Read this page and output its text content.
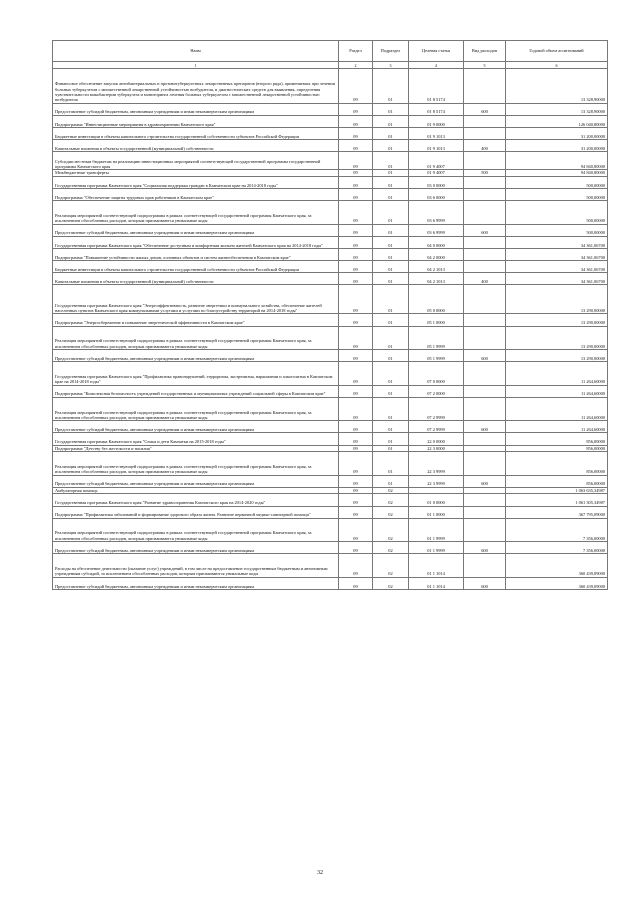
Наим	Раздел	Подраздел	Целевая статья	Вид расходов	Годовой объем ассигнований
1	2	3	4	5	6
Финансовое обеспечение закупок антибактериальных и противотуберкулезных лекарственных препаратов (второго ряда), применяемых при лечении больных туберкулезом с множественной лекарственной устойчивостью возбудителя, и диагностических средств для выявления, определения чувствительности микобактерии туберкулеза и мониторинга лечения больных туберкулезом с множественной лекарственной устойчивостью возбудителя	09	01	01 8 5174		13 328,90000
Предоставление субсидий бюджетным, автономным учреждениям и иным некоммерческим организациям	09	01	01 8 5174	600	13 328,90000
Подпрограмма "Инвестиционные мероприятия в здравоохранении Камчатского края"	09	01	01 9 0000		126 040,80000
Бюджетные инвестиции в объекты капитального строительства государственной собственности субъектов Российской Федерации	09	01	01 9 1013		31 200,00000
Капитальные вложения в объекты государственной (муниципальной) собственности	09	01	01 9 1013	400	31 200,00000
Субсидии местным бюджетам на реализацию инвестиционных мероприятий соответствующей государственной программы государственной программы Камчатского края	09	01	01 9 4007		94 840,80000
Межбюджетные трансферты	09	01	01 9 4007	500	94 840,80000
Государственная программа Камчатского края "Социальная поддержка граждан в Камчатском крае на 2014-2018 годы"	09	01	03 0 0000		500,00000
Подпрограмма "Обеспечение защиты трудовых прав работников в Камчатском крае"	09	01	03 6 0000		500,00000
Реализация мероприятий соответствующей подпрограммы в рамках соответствующей государственной программы Камчатского края, за исключением обособленных расходов, которым присваиваются уникальные коды	09	01	03 6 9999		500,00000
Предоставление субсидий бюджетным, автономным учреждениям и иным некоммерческим организациям	09	01	03 6 9999	600	500,00000
Государственная программа Камчатского края "Обеспечение доступным и комфортным жильем жителей Камчатского края на 2014-2018 годы"	09	01	04 0 0000		34 361,06700
Подпрограмма "Повышение устойчивости жилых домов, основных объектов и систем жизнеобеспечения в Камчатском крае"	09	01	04 2 0000		34 361,06700
Бюджетные инвестиции в объекты капитального строительства государственной собственности субъектов Российской Федерации	09	01	04 2 1013		34 361,06700
Капитальные вложения в объекты государственной (муниципальной) собственности	09	01	04 2 1013	400	34 361,06700
Государственная программа Камчатского края "Энергоэффективность, развитие энергетики и коммунального хозяйства, обеспечение жителей населенных пунктов Камчатского края коммунальными услугами и услугами по благоустройству территорий на 2014-2018 годы"	09	01	05 0 0000		13 290,00000
Подпрограмма "Энергосбережение и повышение энергетической эффективности в Камчатском крае"	09	01	05 1 0000		13 290,00000
Реализация мероприятий соответствующей подпрограммы в рамках соответствующей государственной программы Камчатского края, за исключением обособленных расходов, которым присваиваются уникальные коды	09	01	05 1 9999		13 290,00000
Предоставление субсидий бюджетным, автономным учреждениям и иным некоммерческим организациям	09	01	05 1 9999	600	13 290,00000
Государственная программа Камчатского края "Профилактика правонарушений, терроризма, экстремизма, наркомании и алкоголизма в Камчатском крае на 2014-2018 годы"	09	01	07 0 0000		11 264,60000
Подпрограмма "Комплексная безопасность учреждений государственных и муниципальных учреждений социальной сферы в Камчатском крае"	09	01	07 2 0000		11 264,60000
Реализация мероприятий соответствующей подпрограммы в рамках соответствующей государственной программы Камчатского края, за исключением обособленных расходов, которым присваиваются уникальные коды	09	01	07 2 9999		11 264,60000
Предоставление субсидий бюджетным, автономным учреждениям и иным некоммерческим организациям	09	01	07 2 9999	600	11 264,60000
Государственная программа Камчатского края "Семья и дети Камчатки на 2015-2018 годы"	09	01	22 0 0000		856,00000
Подпрограмма "Детству без жестокости и насилия"	09	01	22 3 0000		856,00000
Реализация мероприятий соответствующей подпрограммы в рамках соответствующей государственной программы Камчатского края, за исключением обособленных расходов, которым присваиваются уникальные коды	09	01	22 3 9999		856,00000
Предоставление субсидий бюджетным, автономным учреждениям и иным некоммерческим организациям	09	01	22 3 9999	600	856,00000
Амбулаторная помощь	09	02			1 063 635,34987
Государственная программа Камчатского края "Развитие здравоохранения Камчатского края на 2014-2020 годы"	09	02	01 0 0000		1 061 305,34987
Подпрограмма "Профилактика заболеваний и формирование здорового образа жизни. Развитие первичной медико-санитарной помощи"	09	02	01 1 0000		367 795,09000
Реализация мероприятий соответствующей подпрограммы в рамках соответствующей государственной программы Камчатского края, за исключением обособленных расходов, которым присваиваются уникальные коды	09	02	01 1 9999		7 356,00000
Предоставление субсидий бюджетным, автономным учреждениям и иным некоммерческим организациям	09	02	01 1 9999	600	7 356,00000
Расходы на обеспечение деятельности (оказание услуг) учреждений, в том числе на предоставление государственным бюджетным и автономным учреждениям субсидий, за исключением обособленных расходов, которым присваиваются уникальные коды	09	02	01 1 1014		360 439,09000
Предоставление субсидий бюджетным, автономным учреждениям и иным некоммерческим организациям	09	02	01 1 1014	600	360 439,09000
32
